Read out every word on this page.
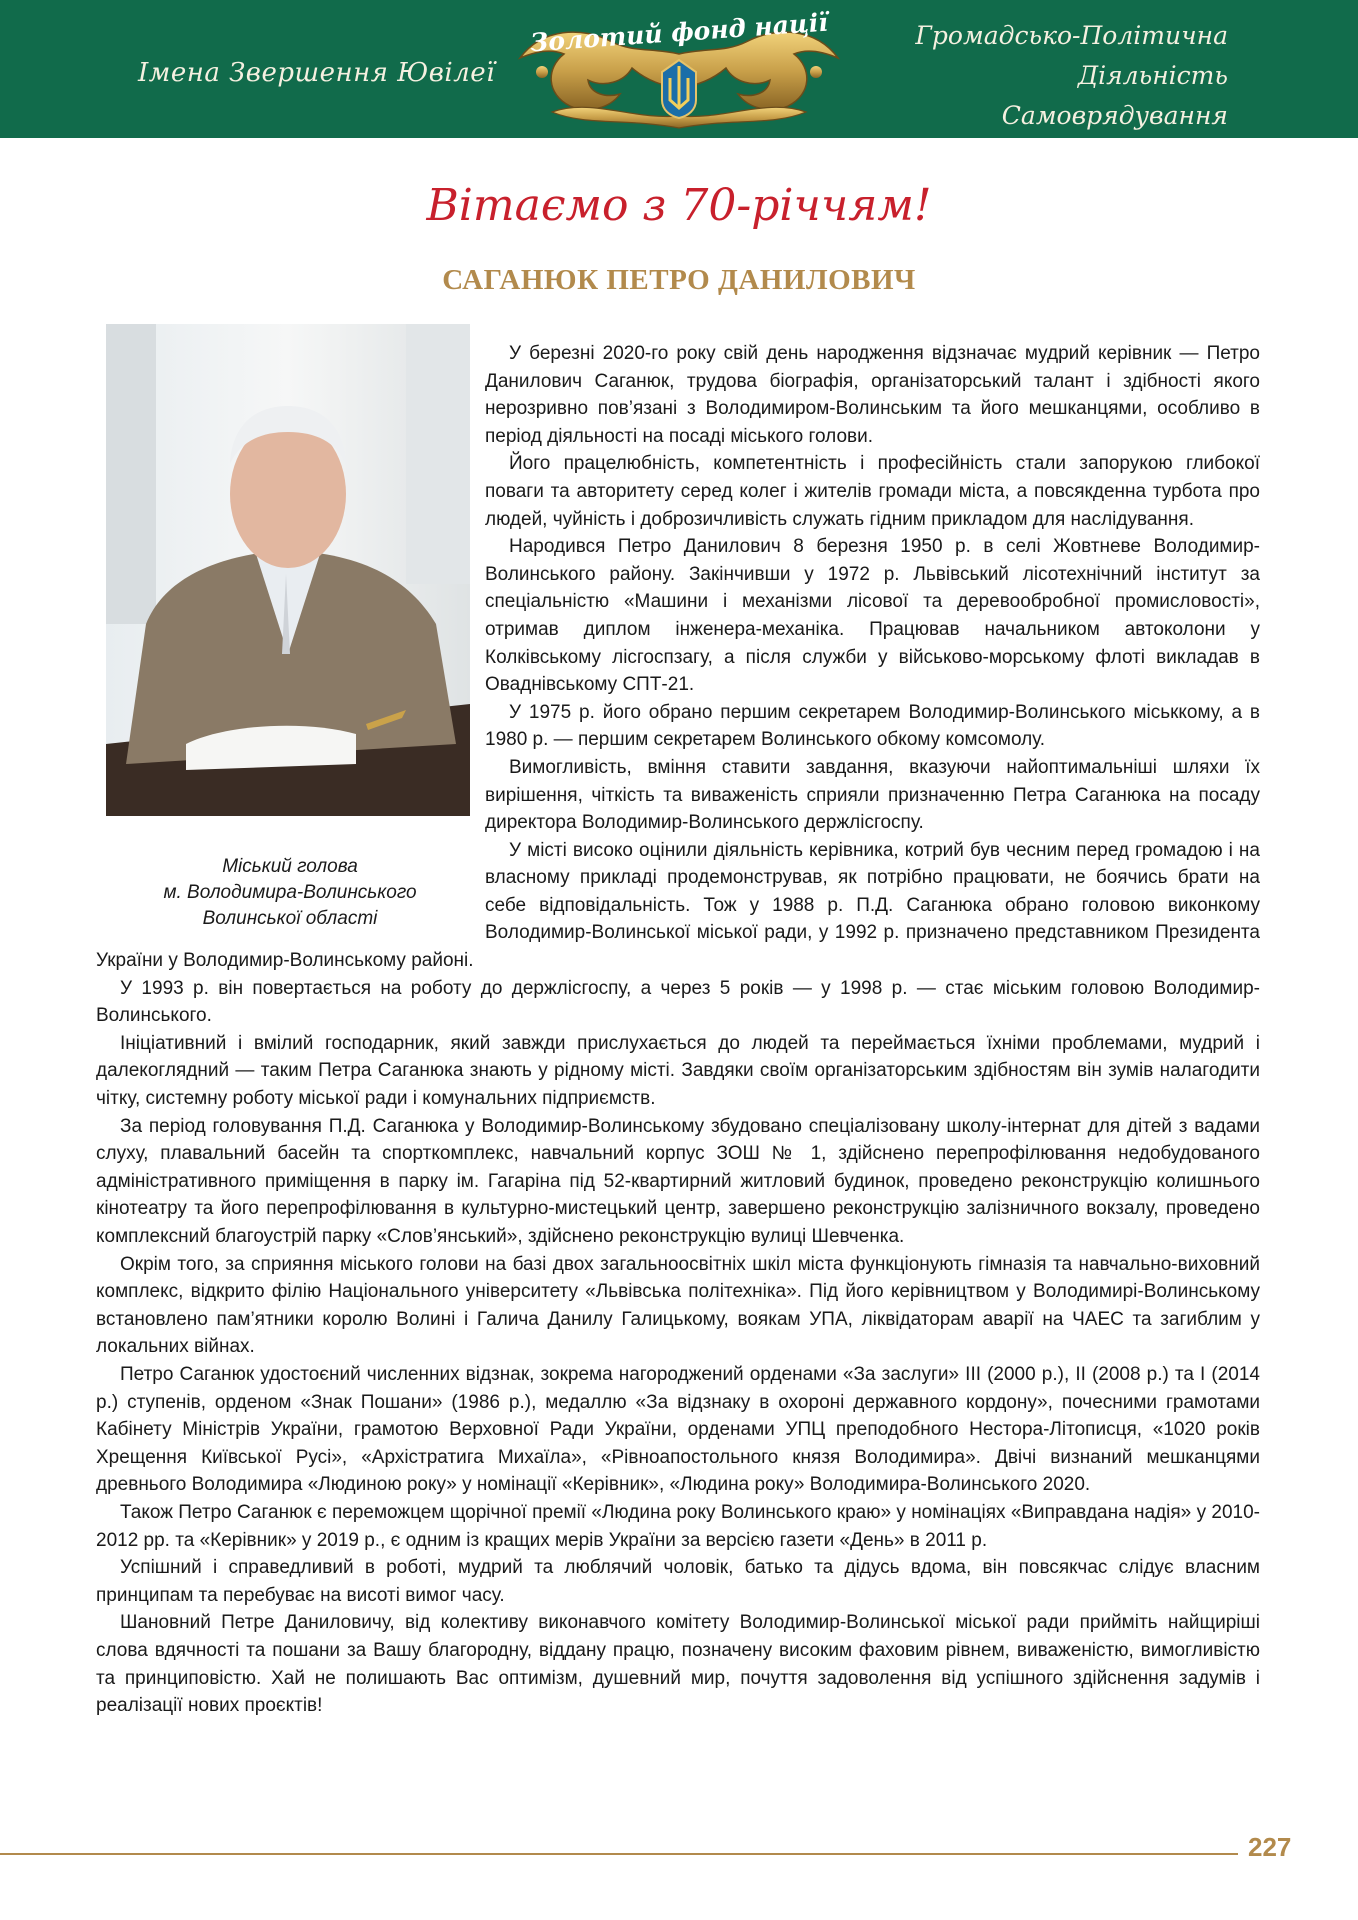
Імена Звершення Ювілеї
Золотий фонд нації	Громадсько-Політична
Діяльність
Самоврядування
Вітаємо з 70-річчям!
САГАНЮК ПЕТРО ДАНИЛОВИЧ
Міський голова
м. Володимира-Волинського
Волинської області

У березні 2020-го року свій день народження відзначає мудрий керівник — Петро Данилович Саганюк, трудова біографія, організаторський талант і здібності якого нерозривно пов’язані з Володимиром-Волинським та його мешканцями, особливо в період діяльності на посаді міського голови.

Його працелюбність, компетентність і професійність стали запорукою глибокої поваги та авторитету серед колег і жителів громади міста, а повсякденна турбота про людей, чуйність і доброзичливість служать гідним прикладом для наслідування.

Народився Петро Данилович 8 березня 1950 р. в селі Жовтневе Володимир-Волинського району. Закінчивши у 1972 р. Львівський лісотехнічний інститут за спеціальністю «Машини і механізми лісової та деревообробної промисловості», отримав диплом інженера-механіка. Працював начальником автоколони у Колківському лісгоспзагу, а після служби у військово-морському флоті викладав в Оваднівському СПТ-21.

У 1975 р. його обрано першим секретарем Володимир-Волинського міськкому, а в 1980 р. — першим секретарем Волинського обкому комсомолу.

Вимогливість, вміння ставити завдання, вказуючи найоптимальніші шляхи їх вирішення, чіткість та виваженість сприяли призначенню Петра Саганюка на посаду директора Володимир-Волинського держлісгоспу.

У місті високо оцінили діяльність керівника, котрий був чесним перед громадою і на власному прикладі продемонстрував, як потрібно працювати, не боячись брати на себе відповідальність. Тож у 1988 р. П.Д. Саганюка обрано головою виконкому Володимир-Волинської міської ради, у 1992 р. призначено представником Президента України у Володимир-Волинському районі.

У 1993 р. він повертається на роботу до держлісгоспу, а через 5 років — у 1998 р. — стає міським головою Володимир-Волинського.

Ініціативний і вмілий господарник, який завжди прислухається до людей та переймається їхніми проблемами, мудрий і далекоглядний — таким Петра Саганюка знають у рідному місті. Завдяки своїм організаторським здібностям він зумів налагодити чітку, системну роботу міської ради і комунальних підприємств.

За період головування П.Д. Саганюка у Володимир-Волинському збудовано спеціалізовану школу-інтернат для дітей з вадами слуху, плавальний басейн та спорткомплекс, навчальний корпус ЗОШ № 1, здійснено перепрофілювання недобудованого адміністративного приміщення в парку ім. Гагаріна під 52-квартирний житловий будинок, проведено реконструкцію колишнього кінотеатру та його перепрофілювання в культурно-мистецький центр, завершено реконструкцію залізничного вокзалу, проведено комплексний благоустрій парку «Слов’янський», здійснено реконструкцію вулиці Шевченка.

Окрім того, за сприяння міського голови на базі двох загальноосвітніх шкіл міста функціонують гімназія та навчально-виховний комплекс, відкрито філію Національного університету «Львівська політехніка». Під його керівництвом у Володимирі-Волинському встановлено пам’ятники королю Волині і Галича Данилу Галицькому, воякам УПА, ліквідаторам аварії на ЧАЕС та загиблим у локальних війнах.

Петро Саганюк удостоєний численних відзнак, зокрема нагороджений орденами «За заслуги» ІІІ (2000 р.), ІІ (2008 р.) та І (2014 р.) ступенів, орденом «Знак Пошани» (1986 р.), медаллю «За відзнаку в охороні державного кордону», почесними грамотами Кабінету Міністрів України, грамотою Верховної Ради України, орденами УПЦ преподобного Нестора-Літописця, «1020 років Хрещення Київської Русі», «Архістратига Михаїла», «Рівноапостольного князя Володимира». Двічі визнаний мешканцями древнього Володимира «Людиною року» у номінації «Керівник», «Людина року» Володимира-Волинського 2020.

Також Петро Саганюк є переможцем щорічної премії «Людина року Волинського краю» у номінаціях «Виправдана надія» у 2010-2012 рр. та «Керівник» у 2019 р., є одним із кращих мерів України за версією газети «День» в 2011 р.

Успішний і справедливий в роботі, мудрий та люблячий чоловік, батько та дідусь вдома, він повсякчас слідує власним принципам та перебуває на висоті вимог часу.

Шановний Петре Даниловичу, від колективу виконавчого комітету Володимир-Волинської міської ради прийміть найщиріші слова вдячності та пошани за Вашу благородну, віддану працю, позначену високим фаховим рівнем, виваженістю, вимогливістю та принциповістю. Хай не полишають Вас оптимізм, душевний мир, почуття задоволення від успішного здійснення задумів і реалізації нових проєктів!

227
